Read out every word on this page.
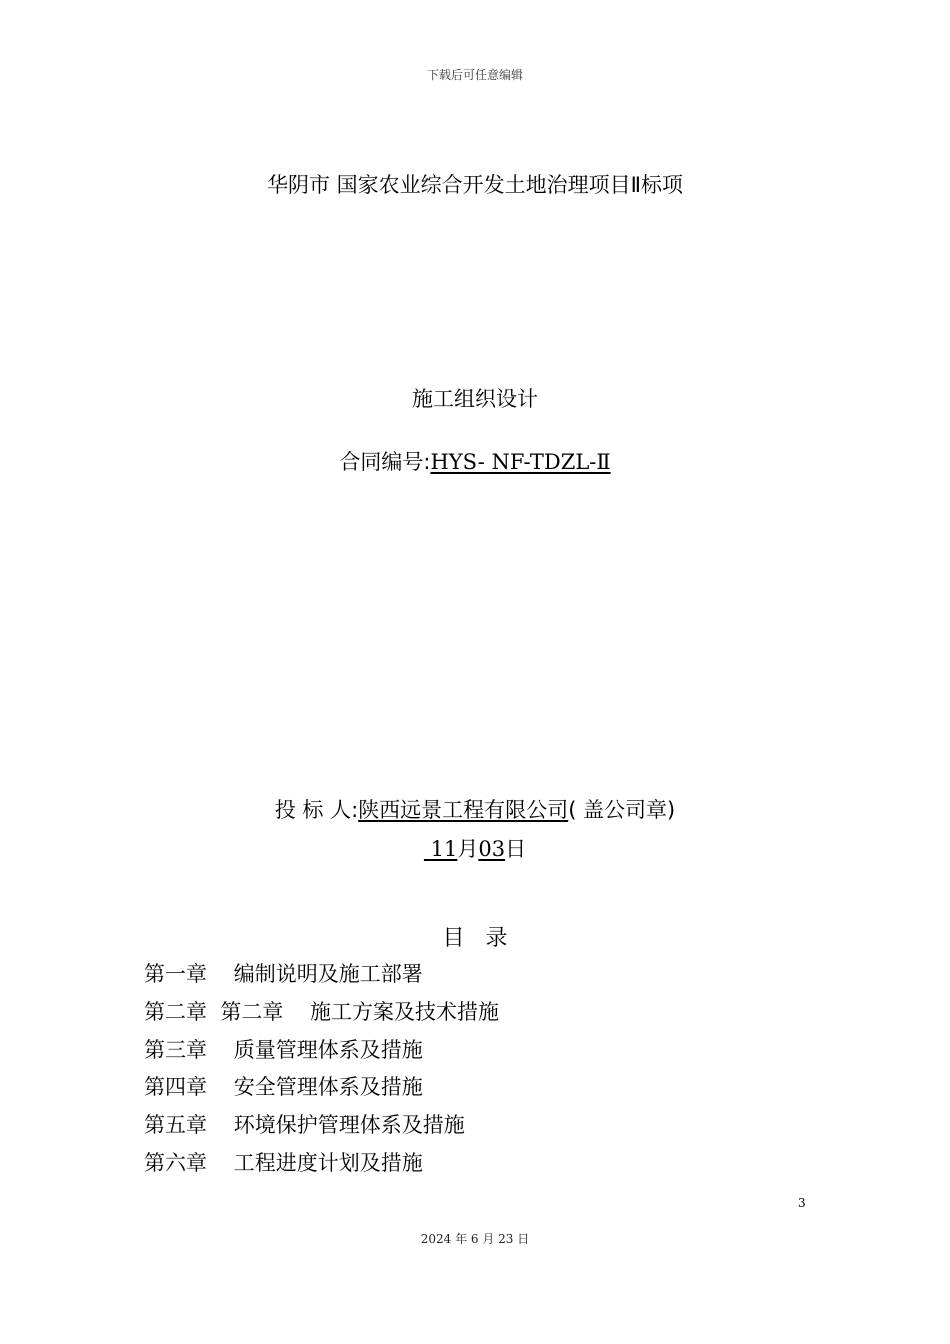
下载后可任意编辑
华阴市 国家农业综合开发土地治理项目Ⅱ标项
施工组织设计
合同编号:HYS- NF-TDZL-Ⅱ
投 标 人:陕西远景工程有限公司( 盖公司章)
11月03日
目   录
第一章    编制说明及施工部署
第二章  第二章    施工方案及技术措施
第三章    质量管理体系及措施
第四章    安全管理体系及措施
第五章    环境保护管理体系及措施
第六章    工程进度计划及措施
3
2024 年 6 月 23 日
